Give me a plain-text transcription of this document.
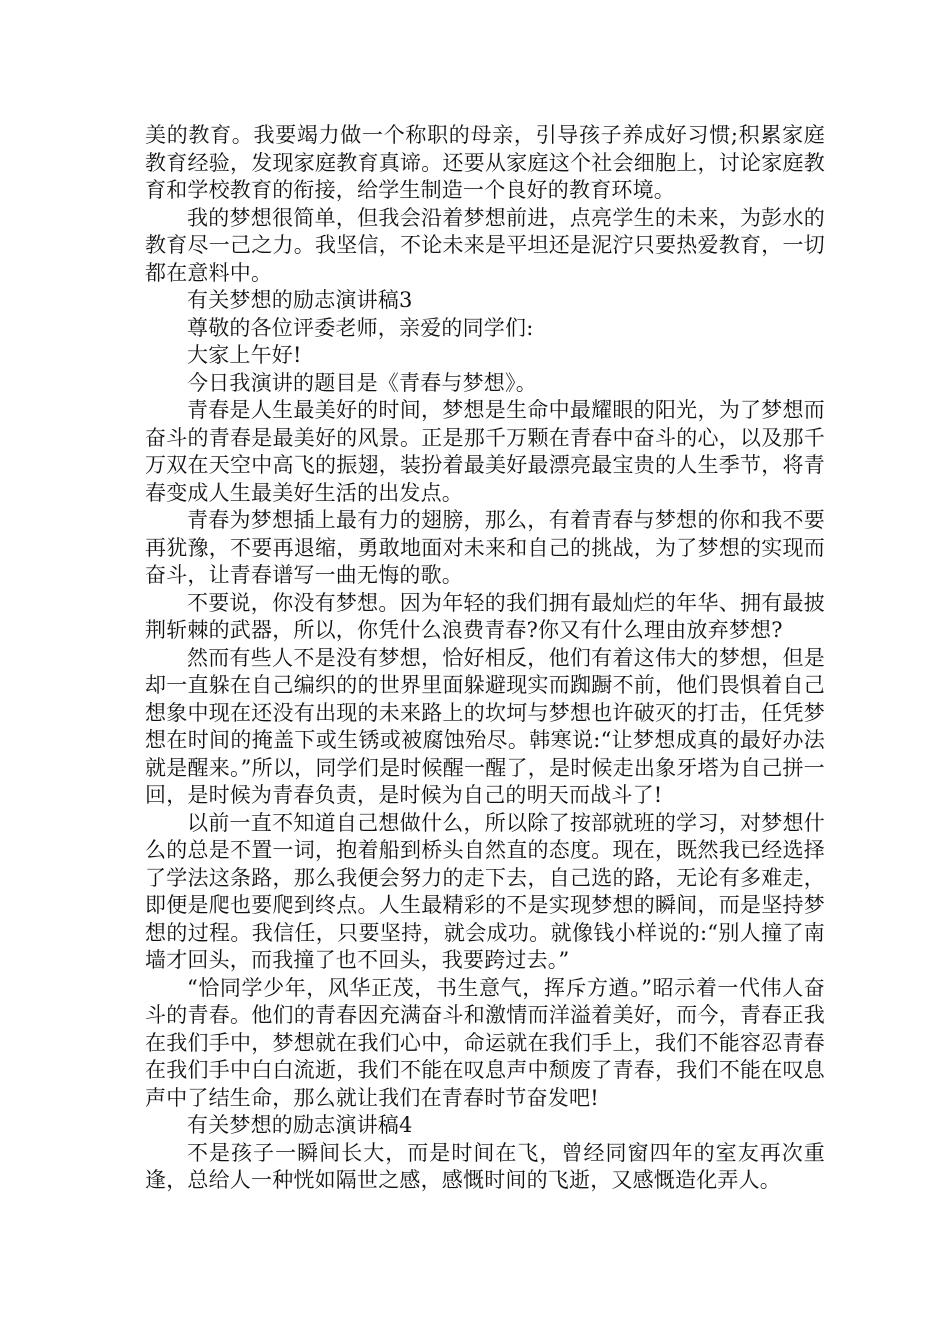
美的教育。我要竭力做一个称职的母亲，引导孩子养成好习惯;积累家庭教育经验，发现家庭教育真谛。还要从家庭这个社会细胞上，讨论家庭教育和学校教育的衔接，给学生制造一个良好的教育环境。

我的梦想很简单，但我会沿着梦想前进，点亮学生的未来，为彭水的教育尽一己之力。我坚信，不论未来是平坦还是泥泞只要热爱教育，一切都在意料中。

有关梦想的励志演讲稿3

尊敬的各位评委老师，亲爱的同学们:

大家上午好!

今日我演讲的题目是《青春与梦想》。

青春是人生最美好的时间，梦想是生命中最耀眼的阳光，为了梦想而奋斗的青春是最美好的风景。正是那千万颗在青春中奋斗的心，以及那千万双在天空中高飞的振翅，装扮着最美好最漂亮最宝贵的人生季节，将青春变成人生最美好生活的出发点。

青春为梦想插上最有力的翅膀，那么，有着青春与梦想的你和我不要再犹豫，不要再退缩，勇敢地面对未来和自己的挑战，为了梦想的实现而奋斗，让青春谱写一曲无悔的歌。

不要说，你没有梦想。因为年轻的我们拥有最灿烂的年华、拥有最披荆斩棘的武器，所以，你凭什么浪费青春?你又有什么理由放弃梦想?

然而有些人不是没有梦想，恰好相反，他们有着这伟大的梦想，但是却一直躲在自己编织的的世界里面躲避现实而踟蹰不前，他们畏惧着自己想象中现在还没有出现的未来路上的坎坷与梦想也许破灭的打击，任凭梦想在时间的掩盖下或生锈或被腐蚀殆尽。韩寒说:“让梦想成真的最好办法就是醒来。”所以，同学们是时候醒一醒了，是时候走出象牙塔为自己拼一回，是时候为青春负责，是时候为自己的明天而战斗了!

以前一直不知道自己想做什么，所以除了按部就班的学习，对梦想什么的总是不置一词，抱着船到桥头自然直的态度。现在，既然我已经选择了学法这条路，那么我便会努力的走下去，自己选的路，无论有多难走，即便是爬也要爬到终点。人生最精彩的不是实现梦想的瞬间，而是坚持梦想的过程。我信任，只要坚持，就会成功。就像钱小样说的:“别人撞了南墙才回头，而我撞了也不回头，我要跨过去。”

“恰同学少年，风华正茂，书生意气，挥斥方遒。”昭示着一代伟人奋斗的青春。他们的青春因充满奋斗和激情而洋溢着美好，而今，青春正我在我们手中，梦想就在我们心中，命运就在我们手上，我们不能容忍青春在我们手中白白流逝，我们不能在叹息声中颓废了青春，我们不能在叹息声中了结生命，那么就让我们在青春时节奋发吧!

有关梦想的励志演讲稿4

不是孩子一瞬间长大，而是时间在飞，曾经同窗四年的室友再次重逢，总给人一种恍如隔世之感，感慨时间的飞逝，又感慨造化弄人。
